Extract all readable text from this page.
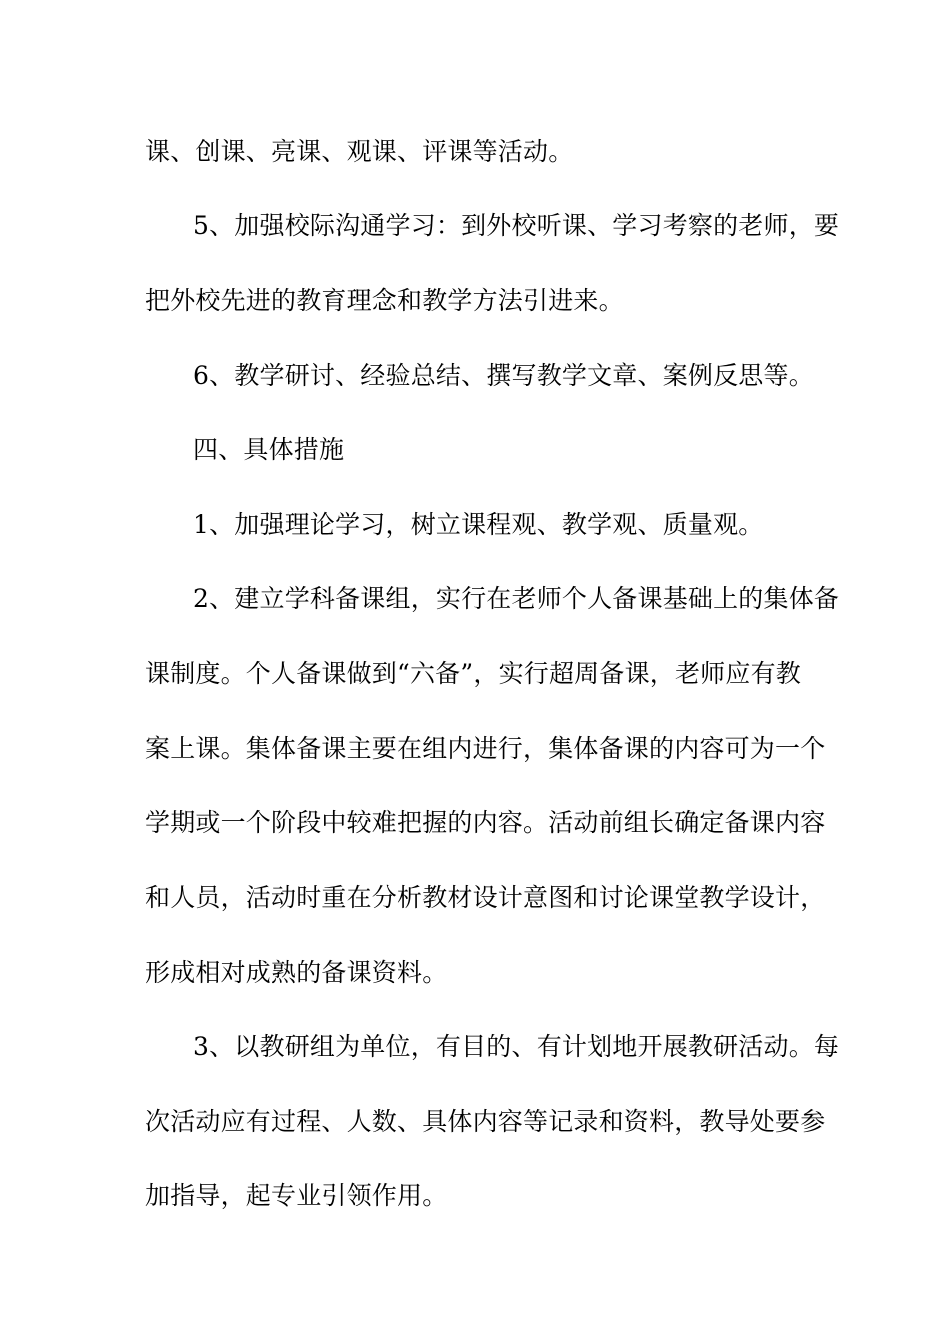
课、创课、亮课、观课、评课等活动。
5、加强校际沟通学习：到外校听课、学习考察的老师，要
把外校先进的教育理念和教学方法引进来。
6、教学研讨、经验总结、撰写教学文章、案例反思等。
四、具体措施
1、加强理论学习，树立课程观、教学观、质量观。
2、建立学科备课组，实行在老师个人备课基础上的集体备
课制度。个人备课做到“六备”，实行超周备课，老师应有教
案上课。集体备课主要在组内进行，集体备课的内容可为一个
学期或一个阶段中较难把握的内容。活动前组长确定备课内容
和人员，活动时重在分析教材设计意图和讨论课堂教学设计，
形成相对成熟的备课资料。
3、以教研组为单位，有目的、有计划地开展教研活动。每
次活动应有过程、人数、具体内容等记录和资料，教导处要参
加指导，起专业引领作用。
